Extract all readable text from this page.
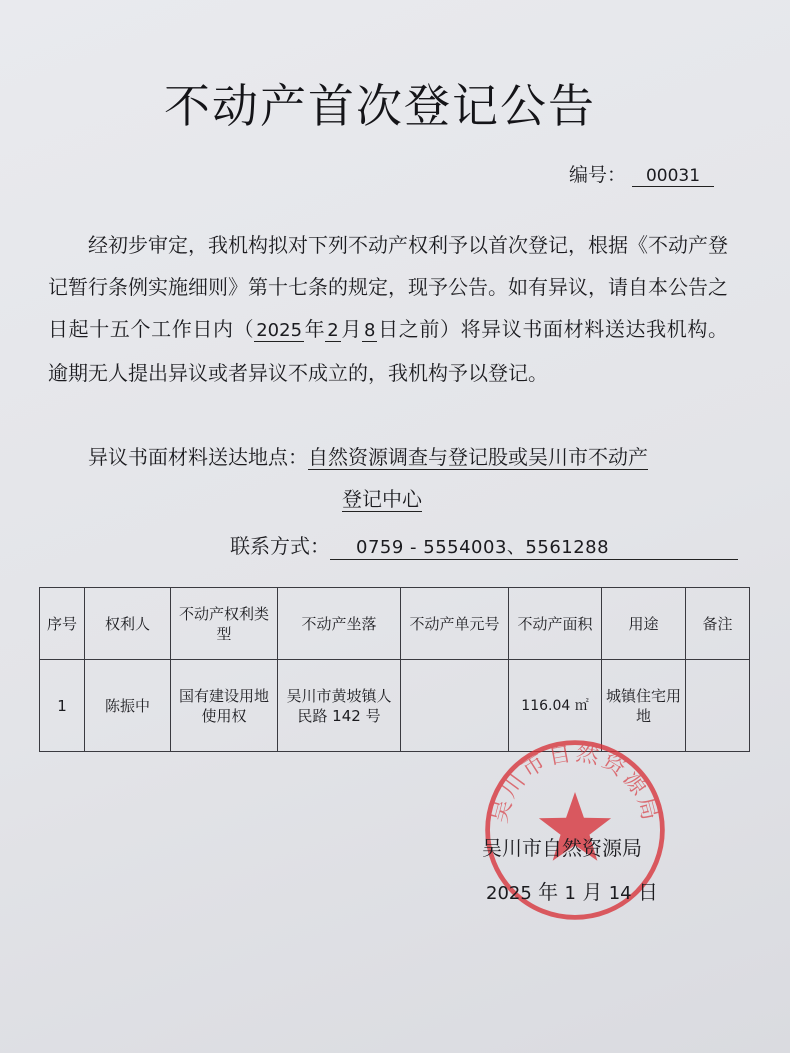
不动产首次登记公告
编号： 00031
经初步审定，我机构拟对下列不动产权利予以首次登记，根据《不动产登记暂行条例实施细则》第十七条的规定，现予公告。如有异议，请自本公告之日起十五个工作日内（ 2025 年 2 月 8 日之前）将异议书面材料送达我机构。逾期无人提出异议或者异议不成立的，我机构予以登记。
异议书面材料送达地点：自然资源调查与登记股或吴川市不动产
登记中心
联系方式： 0759 - 5554003、5561288
序号	权利人	不动产权利类型	不动产坐落	不动产单元号	不动产面积	用途	备注
1	陈振中	国有建设用地使用权	吴川市黄坡镇人民路 142 号		116.04 ㎡	城镇住宅用地	
吴川市自然资源局
吴川市自然资源局
2025 年 1 月 14 日
